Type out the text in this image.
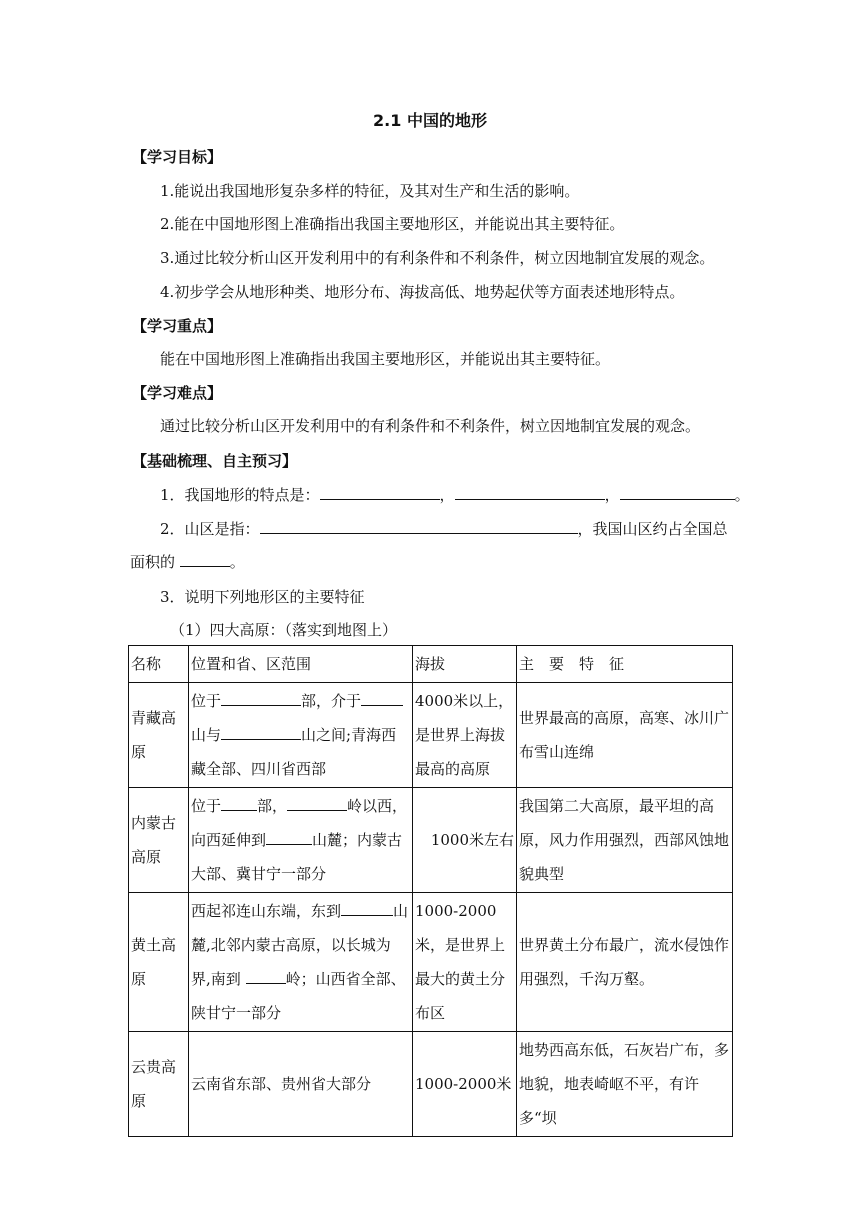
2.1 中国的地形
【学习目标】
1.能说出我国地形复杂多样的特征，及其对生产和生活的影响。
2.能在中国地形图上准确指出我国主要地形区，并能说出其主要特征。
3.通过比较分析山区开发利用中的有利条件和不利条件，树立因地制宜发展的观念。
4.初步学会从地形种类、地形分布、海拔高低、地势起伏等方面表述地形特点。
【学习重点】
能在中国地形图上准确指出我国主要地形区，并能说出其主要特征。
【学习难点】
通过比较分析山区开发利用中的有利条件和不利条件，树立因地制宜发展的观念。
【基础梳理、自主预习】
1．我国地形的特点是：	，	，	。
2．山区是指：	，我国山区约占全国总
面积的	。
3．说明下列地形区的主要特征
（1）四大高原：（落实到地图上）
名称	位置和省、区范围	海拔	主　要　特　征
青藏高原	位于 部，介于山与 山之间;青海西藏全部、四川省西部	4000米以上，是世界上海拔最高的高原	世界最高的高原，高寒、冰川广布雪山连绵
内蒙古高原	位于 部， 岭以西，向西延伸到 山麓；内蒙古大部、冀甘宁一部分	1000米左右	我国第二大高原，最平坦的高原，风力作用强烈，西部风蚀地貌典型
黄土高原	西起祁连山东端，东到 山麓,北邻内蒙古高原，以长城为界,南到 岭；山西省全部、陕甘宁一部分	1000-2000米，是世界上最大的黄土分布区	世界黄土分布最广，流水侵蚀作用强烈，千沟万壑。
云贵高原	云南省东部、贵州省大部分	1000-2000米	地势西高东低，石灰岩广布，多地貌，地表崎岖不平，有许多“坝
